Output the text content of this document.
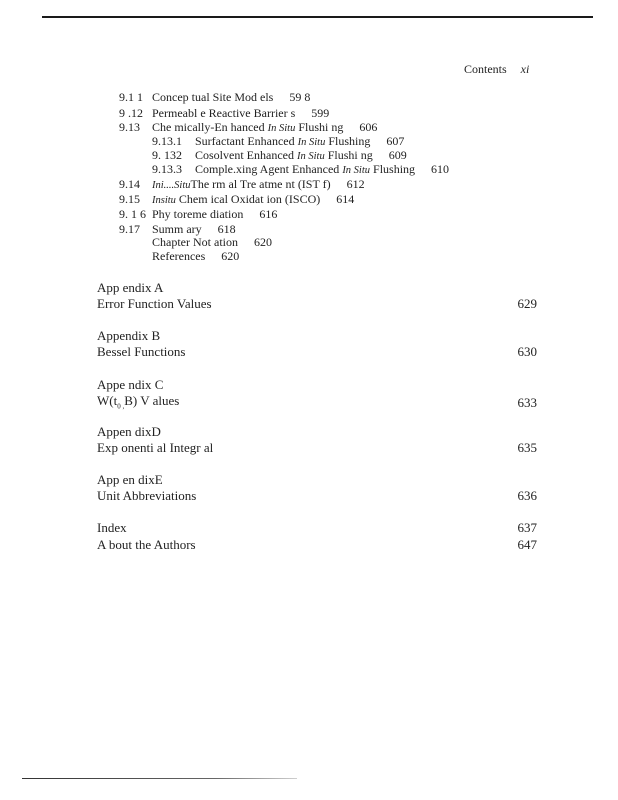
Contents xi
9.1 1 Concep tual Site Mod els 59 8
9 .12 Permeabl e Reactive Barrier s 599
9.13 Che mically-En hanced In Situ Flushi ng 606
9.13.1 Surfactant Enhanced In Situ Flushing 607
9. 132 Cosolvent Enhanced In Situ Flushi ng 609
9.13.3 Comple.xing Agent Enhanced In Situ Flushing 610
9.14 Ini....SituThe rm al Tre atme nt (IST f) 612
9.15 Insitu Chem ical Oxidat ion (ISCO) 614
9. 1 6 Phy toreme diation 616
9.17 Summ ary 618
Chapter Not ation 620
References 620
App endix A
Error Function Values	629
Appendix B
Bessel Functions	630
Appe ndix C
$W(t_{0 ,}B)$ V alues	633
Appen dixD
Exp onenti al Integr al	635
App en dixE
Unit Abbreviations	636
Index	637
A bout the Authors	647
